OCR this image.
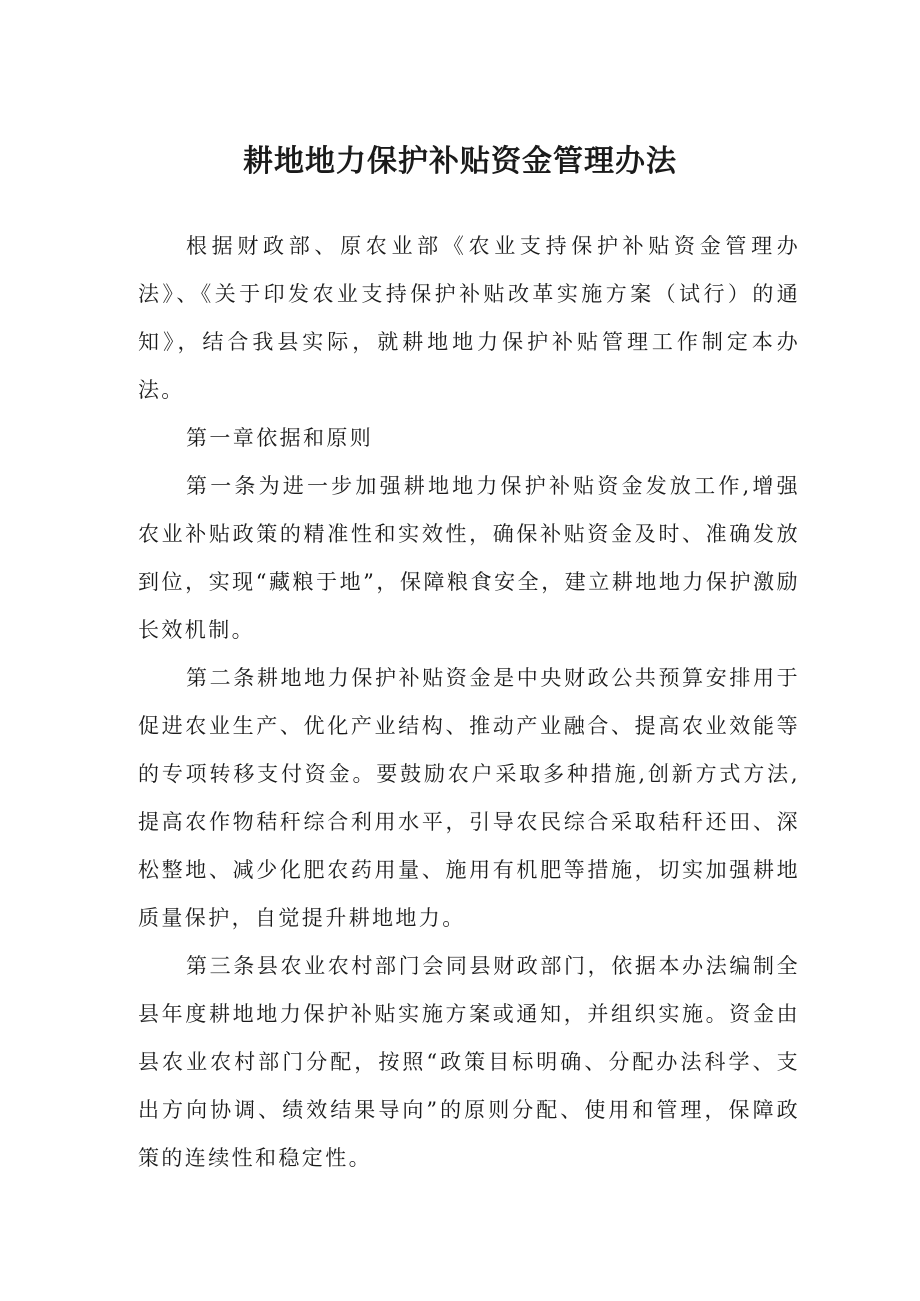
耕地地力保护补贴资金管理办法

根据财政部、原农业部《农业支持保护补贴资金管理办法》、《关于印发农业支持保护补贴改革实施方案（试行）的通知》，结合我县实际，就耕地地力保护补贴管理工作制定本办法。

第一章依据和原则

第一条为进一步加强耕地地力保护补贴资金发放工作,增强农业补贴政策的精准性和实效性，确保补贴资金及时、准确发放到位，实现“藏粮于地”，保障粮食安全，建立耕地地力保护激励长效机制。

第二条耕地地力保护补贴资金是中央财政公共预算安排用于促进农业生产、优化产业结构、推动产业融合、提高农业效能等的专项转移支付资金。要鼓励农户采取多种措施,创新方式方法,提高农作物秸秆综合利用水平，引导农民综合采取秸秆还田、深松整地、减少化肥农药用量、施用有机肥等措施，切实加强耕地质量保护，自觉提升耕地地力。

第三条县农业农村部门会同县财政部门，依据本办法编制全县年度耕地地力保护补贴实施方案或通知，并组织实施。资金由县农业农村部门分配，按照“政策目标明确、分配办法科学、支出方向协调、绩效结果导向”的原则分配、使用和管理，保障政策的连续性和稳定性。
